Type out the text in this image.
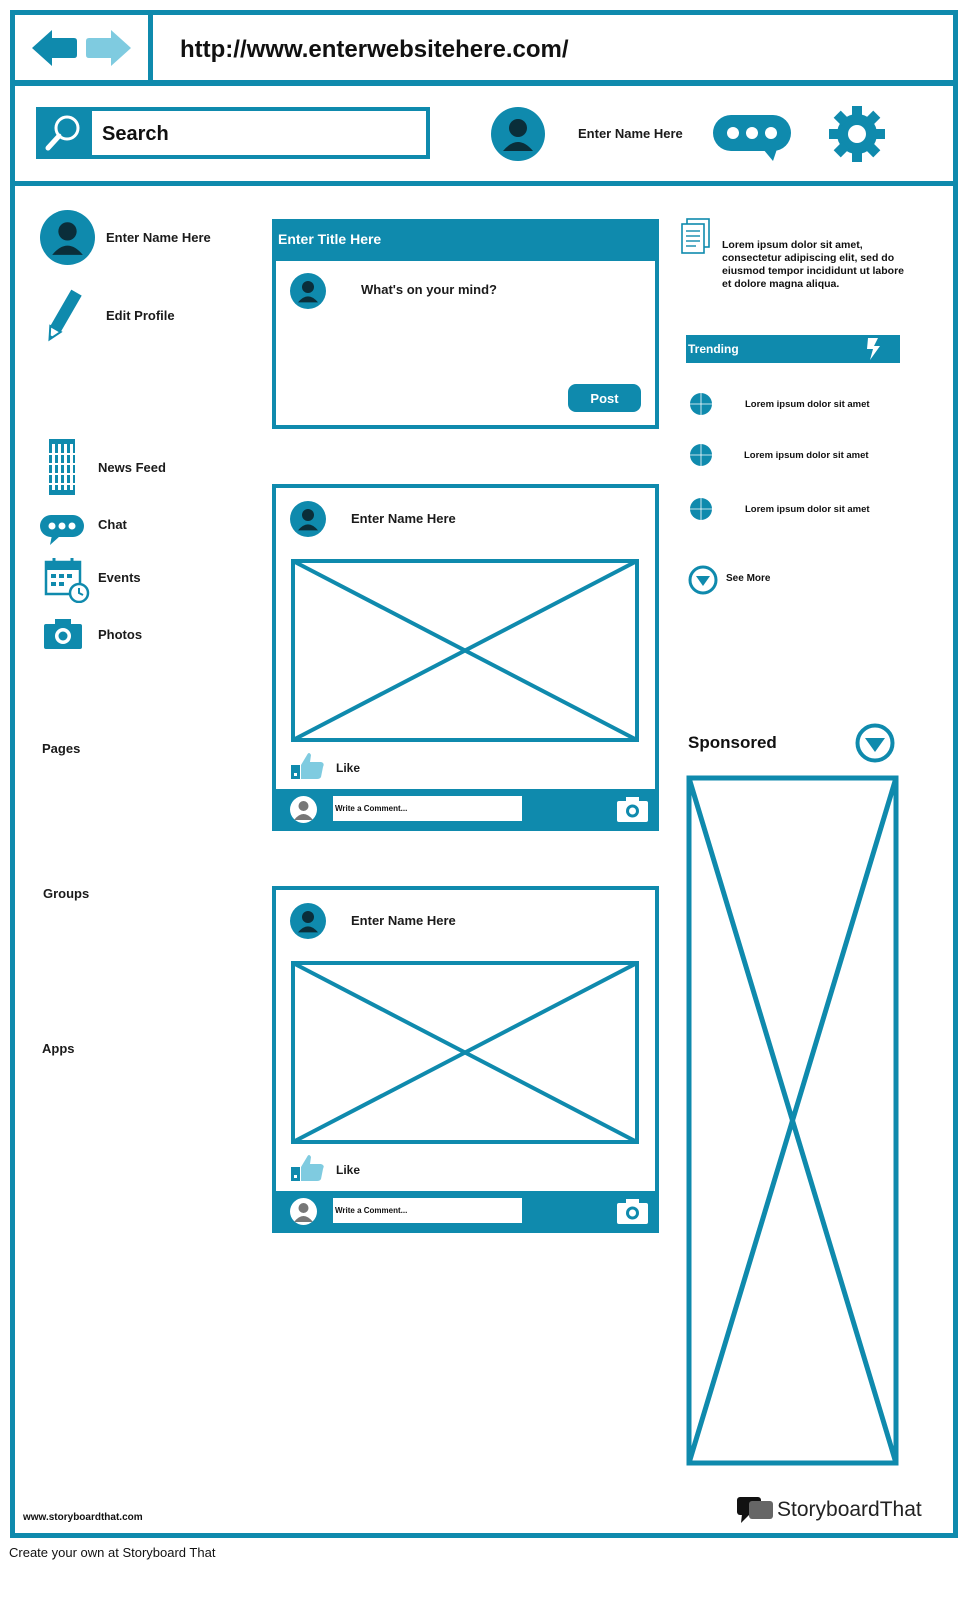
http://www.enterwebsitehere.com/
Search	Enter Name Here
Enter Name Here
Edit Profile
News Feed
Chat
Events
Photos
Pages
Groups
Apps
Enter Title Here
What's on your mind?
Post
Enter Name Here
Like
Write a Comment...
Enter Name Here
Like
Write a Comment...
Lorem ipsum dolor sit amet, consectetur adipiscing elit, sed do eiusmod tempor incididunt ut labore et dolore magna aliqua.
Trending
Lorem ipsum dolor sit amet
Lorem ipsum dolor sit amet
Lorem ipsum dolor sit amet
See More
Sponsored
www.storyboardthat.com	StoryboardThat
Create your own at Storyboard That
